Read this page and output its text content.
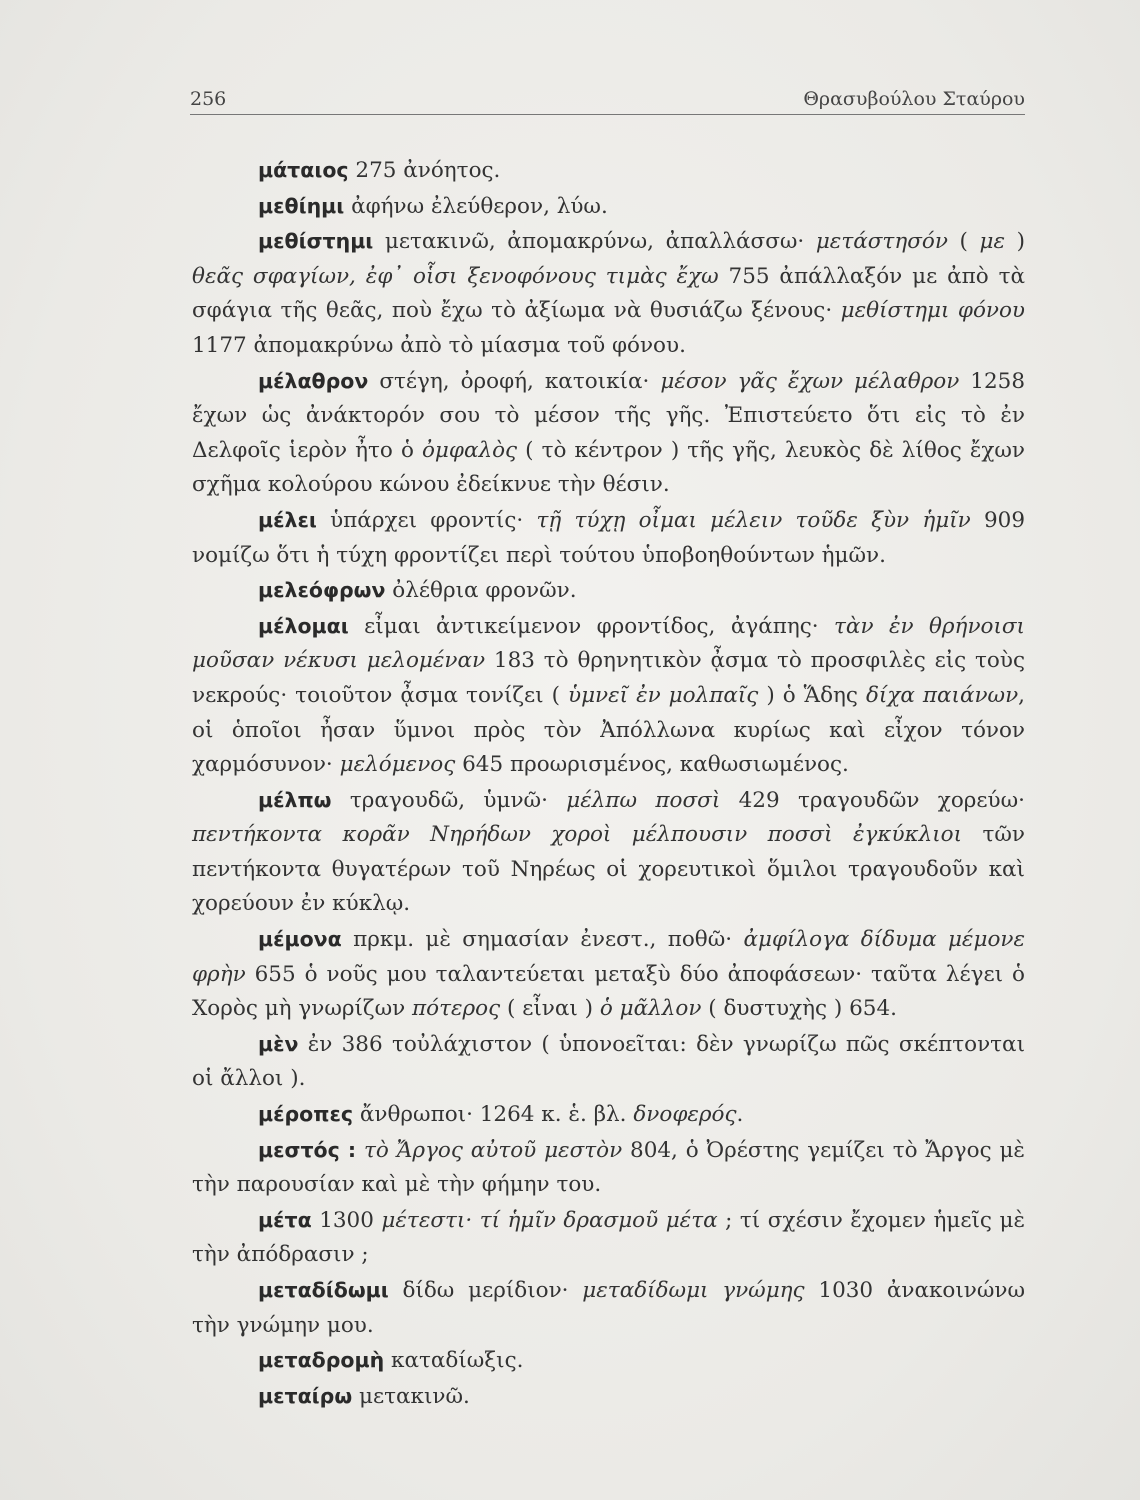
256	Θρασυβούλου Σταύρου

μάταιος 275 ἀνόητος.

μεθίημι ἀφήνω ἐλεύθερον, λύω.

μεθίστημι μετακινῶ, ἀπομακρύνω, ἀπαλλάσσω· μετάστησόν ( με ) θεᾶς σφαγίων, ἐφ᾽ οἷσι ξενοφόνους τιμὰς ἔχω 755 ἀπάλλαξόν με ἀπὸ τὰ σφάγια τῆς θεᾶς, ποὺ ἔχω τὸ ἀξίωμα νὰ θυσιάζω ξένους· μεθίστημι φόνου 1177 ἀπομακρύνω ἀπὸ τὸ μίασμα τοῦ φόνου.

μέλαθρον στέγη, ὀροφή, κατοικία· μέσον γᾶς ἔχων μέλαθρον 1258 ἔχων ὡς ἀνάκτορόν σου τὸ μέσον τῆς γῆς. Ἐπιστεύετο ὅτι εἰς τὸ ἐν Δελφοῖς ἱερὸν ἦτο ὁ ὀμφαλὸς ( τὸ κέντρον ) τῆς γῆς, λευκὸς δὲ λίθος ἔχων σχῆμα κολούρου κώνου ἐδείκνυε τὴν θέσιν.

μέλει ὑπάρχει φροντίς· τῇ τύχῃ οἶμαι μέλειν τοῦδε ξὺν ἡμῖν 909 νομίζω ὅτι ἡ τύχη φροντίζει περὶ τούτου ὑποβοηθούντων ἡμῶν.

μελεόφρων ὀλέθρια φρονῶν.

μέλομαι εἶμαι ἀντικείμενον φροντίδος, ἀγάπης· τὰν ἐν θρήνοισι μοῦσαν νέκυσι μελομέναν 183 τὸ θρηνητικὸν ᾆσμα τὸ προσφιλὲς εἰς τοὺς νεκρούς· τοιοῦτον ᾆσμα τονίζει ( ὑμνεῖ ἐν μολπαῖς ) ὁ Ἅδης δίχα παιάνων, οἱ ὁποῖοι ἦσαν ὕμνοι πρὸς τὸν Ἀπόλλωνα κυρίως καὶ εἶχον τόνον χαρμόσυνον· μελόμενος 645 προωρισμένος, καθωσιωμένος.

μέλπω τραγουδῶ, ὑμνῶ· μέλπω ποσσὶ 429 τραγουδῶν χορεύω· πεντήκοντα κορᾶν Νηρήδων χοροὶ μέλπουσιν ποσσὶ ἐγκύκλιοι τῶν πεντήκοντα θυγατέρων τοῦ Νηρέως οἱ χορευτικοὶ ὅμιλοι τραγουδοῦν καὶ χορεύουν ἐν κύκλῳ.

μέμονα πρκμ. μὲ σημασίαν ἐνεστ., ποθῶ· ἀμφίλογα δίδυμα μέμονε φρὴν 655 ὁ νοῦς μου ταλαντεύεται μεταξὺ δύο ἀποφάσεων· ταῦτα λέγει ὁ Χορὸς μὴ γνωρίζων πότερος ( εἶναι ) ὁ μᾶλλον ( δυστυχὴς ) 654.

μὲν ἐν 386 τοὐλάχιστον ( ὑπονοεῖται: δὲν γνωρίζω πῶς σκέπτονται οἱ ἄλλοι ).

μέροπες ἄνθρωποι· 1264 κ. ἑ. βλ. δνοφερός.

μεστός : τὸ Ἄργος αὐτοῦ μεστὸν 804, ὁ Ὀρέστης γεμίζει τὸ Ἄργος μὲ τὴν παρουσίαν καὶ μὲ τὴν φήμην του.

μέτα 1300 μέτεστι· τί ἡμῖν δρασμοῦ μέτα ; τί σχέσιν ἔχομεν ἡμεῖς μὲ τὴν ἀπόδρασιν ;

μεταδίδωμι δίδω μερίδιον· μεταδίδωμι γνώμης 1030 ἀνακοινώνω τὴν γνώμην μου.

μεταδρομὴ καταδίωξις.

μεταίρω μετακινῶ.
